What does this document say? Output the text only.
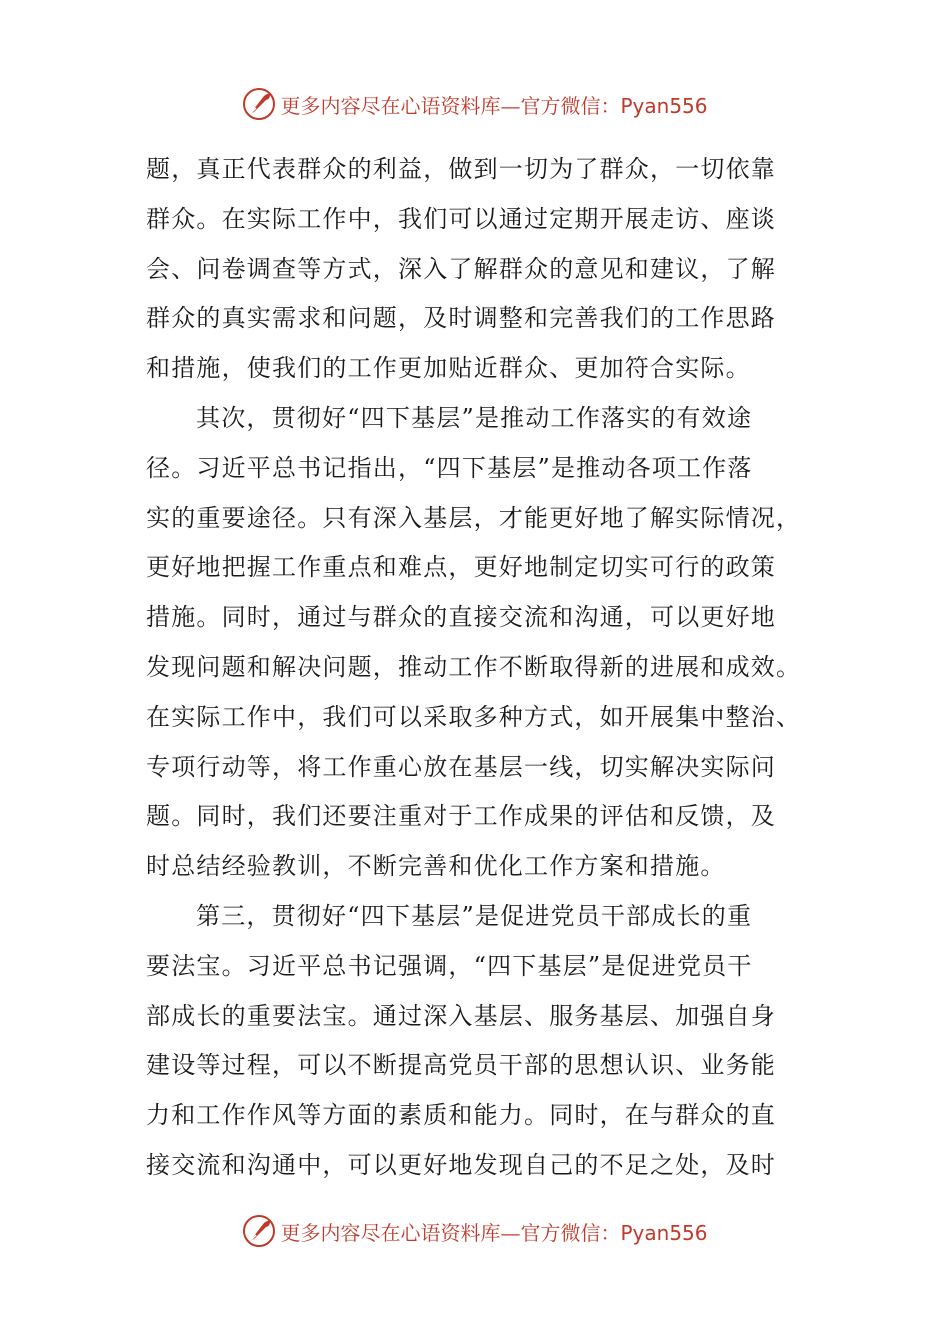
更多内容尽在心语资料库—官方微信：Pyan556
题，真正代表群众的利益，做到一切为了群众，一切依靠
群众。在实际工作中，我们可以通过定期开展走访、座谈
会、问卷调查等方式，深入了解群众的意见和建议，了解
群众的真实需求和问题，及时调整和完善我们的工作思路
和措施，使我们的工作更加贴近群众、更加符合实际。
其次，贯彻好“四下基层”是推动工作落实的有效途
径。习近平总书记指出，“四下基层”是推动各项工作落
实的重要途径。只有深入基层，才能更好地了解实际情况，
更好地把握工作重点和难点，更好地制定切实可行的政策
措施。同时，通过与群众的直接交流和沟通，可以更好地
发现问题和解决问题，推动工作不断取得新的进展和成效。
在实际工作中，我们可以采取多种方式，如开展集中整治、
专项行动等，将工作重心放在基层一线，切实解决实际问
题。同时，我们还要注重对于工作成果的评估和反馈，及
时总结经验教训，不断完善和优化工作方案和措施。
第三，贯彻好“四下基层”是促进党员干部成长的重
要法宝。习近平总书记强调，“四下基层”是促进党员干
部成长的重要法宝。通过深入基层、服务基层、加强自身
建设等过程，可以不断提高党员干部的思想认识、业务能
力和工作作风等方面的素质和能力。同时，在与群众的直
接交流和沟通中，可以更好地发现自己的不足之处，及时
更多内容尽在心语资料库—官方微信：Pyan556
